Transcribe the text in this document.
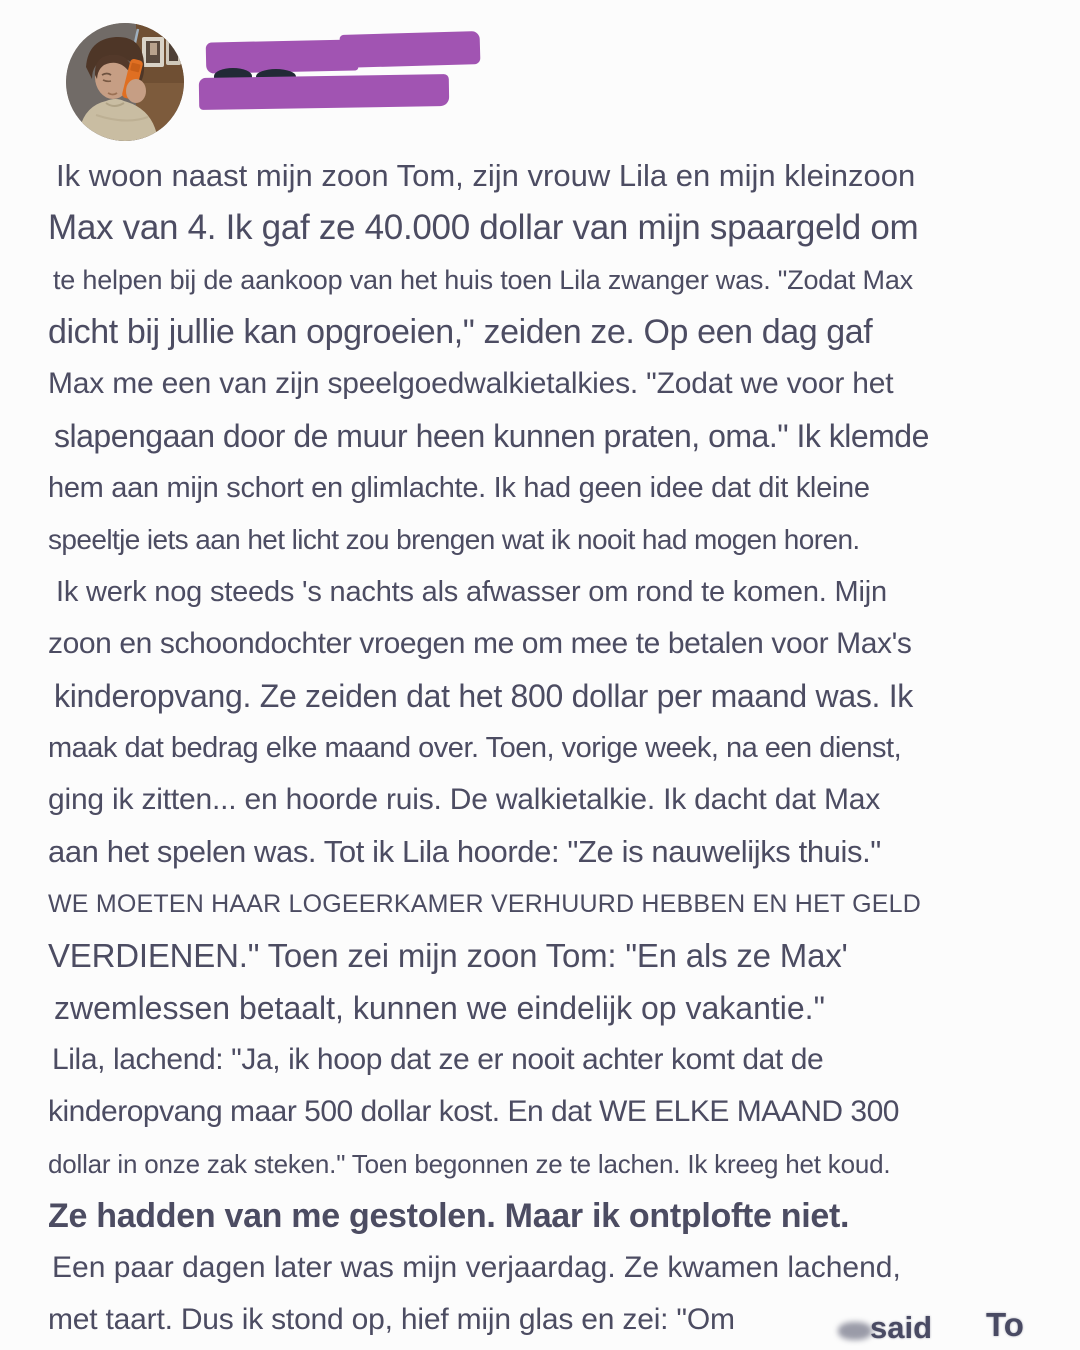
Ik woon naast mijn zoon Tom, zijn vrouw Lila en mijn kleinzoon
Max van 4. Ik gaf ze 40.000 dollar van mijn spaargeld om
te helpen bij de aankoop van het huis toen Lila zwanger was. "Zodat Max
dicht bij jullie kan opgroeien," zeiden ze. Op een dag gaf
Max me een van zijn speelgoedwalkietalkies. "Zodat we voor het
slapengaan door de muur heen kunnen praten, oma." Ik klemde
hem aan mijn schort en glimlachte. Ik had geen idee dat dit kleine
speeltje iets aan het licht zou brengen wat ik nooit had mogen horen.
Ik werk nog steeds 's nachts als afwasser om rond te komen. Mijn
zoon en schoondochter vroegen me om mee te betalen voor Max's
kinderopvang. Ze zeiden dat het 800 dollar per maand was. Ik
maak dat bedrag elke maand over. Toen, vorige week, na een dienst,
ging ik zitten... en hoorde ruis. De walkietalkie. Ik dacht dat Max
aan het spelen was. Tot ik Lila hoorde: "Ze is nauwelijks thuis."
WE MOETEN HAAR LOGEERKAMER VERHUURD HEBBEN EN HET GELD
VERDIENEN." Toen zei mijn zoon Tom: "En als ze Max'
zwemlessen betaalt, kunnen we eindelijk op vakantie."
Lila, lachend: "Ja, ik hoop dat ze er nooit achter komt dat de
kinderopvang maar 500 dollar kost. En dat WE ELKE MAAND 300
dollar in onze zak steken." Toen begonnen ze te lachen. Ik kreeg het koud.
Ze hadden van me gestolen. Maar ik ontplofte niet.
Een paar dagen later was mijn verjaardag. Ze kwamen lachend,
met taart. Dus ik stond op, hief mijn glas en zei: "Om	said To
